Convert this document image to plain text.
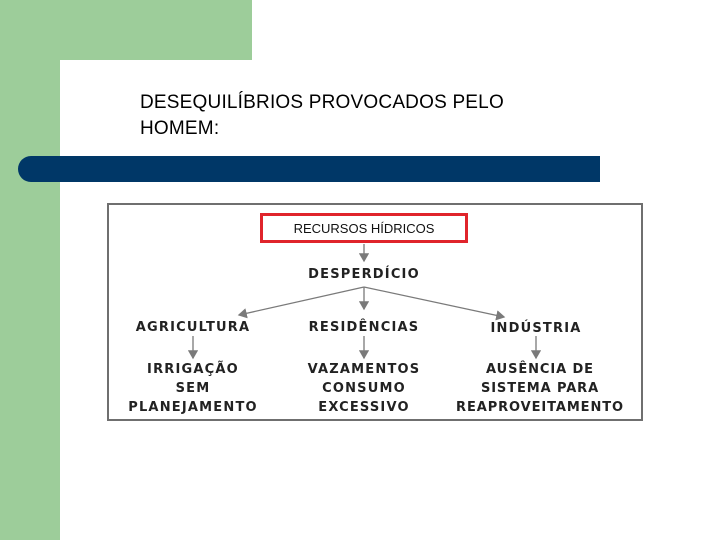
DESEQUILÍBRIOS PROVOCADOS PELO
HOMEM:
RECURSOS HÍDRICOS
DESPERDÍCIO
AGRICULTURA	RESIDÊNCIAS	INDÚSTRIA
IRRIGAÇÃO
SEM
PLANEJAMENTO
VAZAMENTOS
CONSUMO
EXCESSIVO
AUSÊNCIA DE
SISTEMA PARA
REAPROVEITAMENTO
